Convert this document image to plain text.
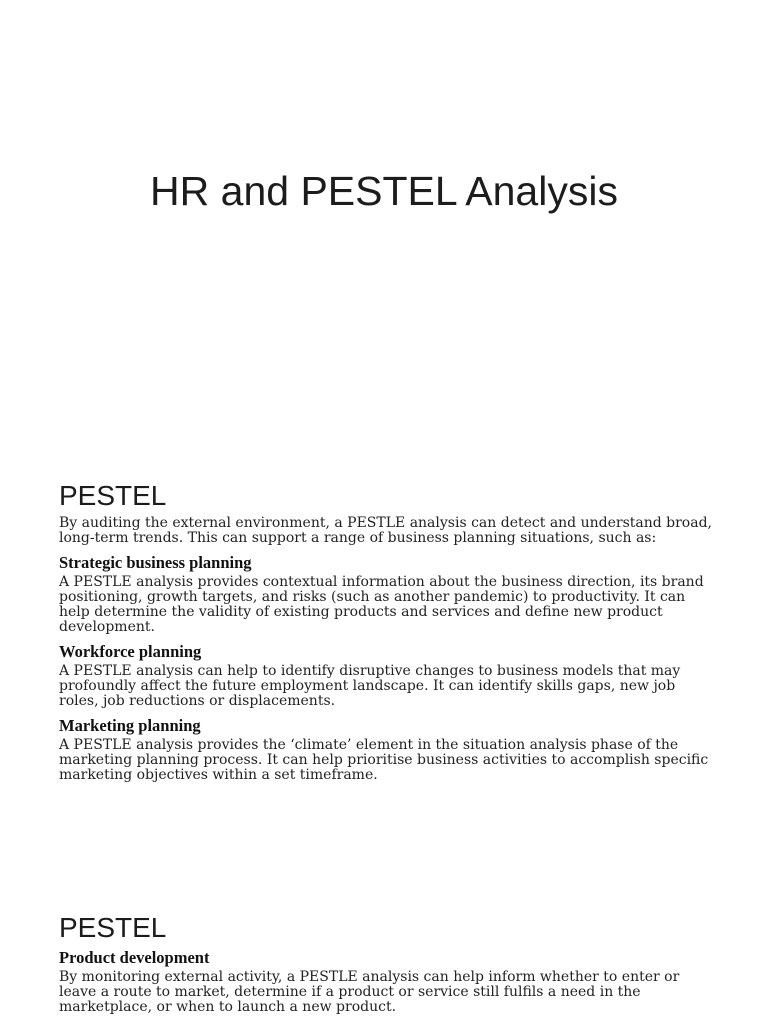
HR and PESTEL Analysis
PESTEL

By auditing the external environment, a PESTLE analysis can detect and understand broad, long-term trends. This can support a range of business planning situations, such as:

Strategic business planning

A PESTLE analysis provides contextual information about the business direction, its brand positioning, growth targets, and risks (such as another pandemic) to productivity. It can help determine the validity of existing products and services and define new product development.

Workforce planning

A PESTLE analysis can help to identify disruptive changes to business models that may profoundly affect the future employment landscape. It can identify skills gaps, new job roles, job reductions or displacements.

Marketing planning

A PESTLE analysis provides the ‘climate’ element in the situation analysis phase of the marketing planning process. It can help prioritise business activities to accomplish specific marketing objectives within a set timeframe.

PESTEL
Product development

By monitoring external activity, a PESTLE analysis can help inform whether to enter or leave a route to market, determine if a product or service still fulfils a need in the marketplace, or when to launch a new product.
